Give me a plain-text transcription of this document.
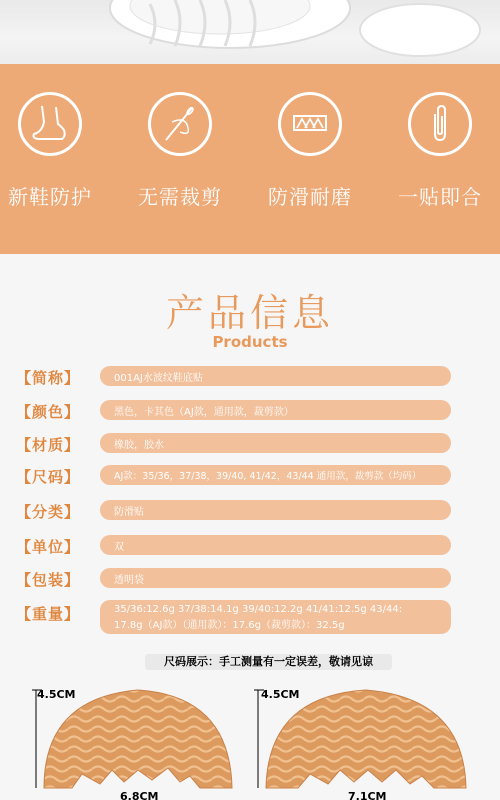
新鞋防护	无需裁剪	防滑耐磨	一贴即合
产品信息
Products
【简称】	001AJ水波纹鞋底贴
【颜色】	黑色，卡其色（AJ款，通用款，裁剪款）
【材质】	橡胶，胶水
【尺码】	AJ款：35/36，37/38，39/40, 41/42，43/44 通用款，裁剪款（均码）
【分类】	防滑贴
【单位】	双
【包装】	透明袋
【重量】	35/36:12.6g 37/38:14.1g 39/40:12.2g 41/41:12.5g 43/44:
17.8g（AJ款）（通用款）：17.6g（裁剪款）：32.5g
尺码展示：手工测量有一定误差，敬请见谅
4.5CM
6.8CM
4.5CM
7.1CM
